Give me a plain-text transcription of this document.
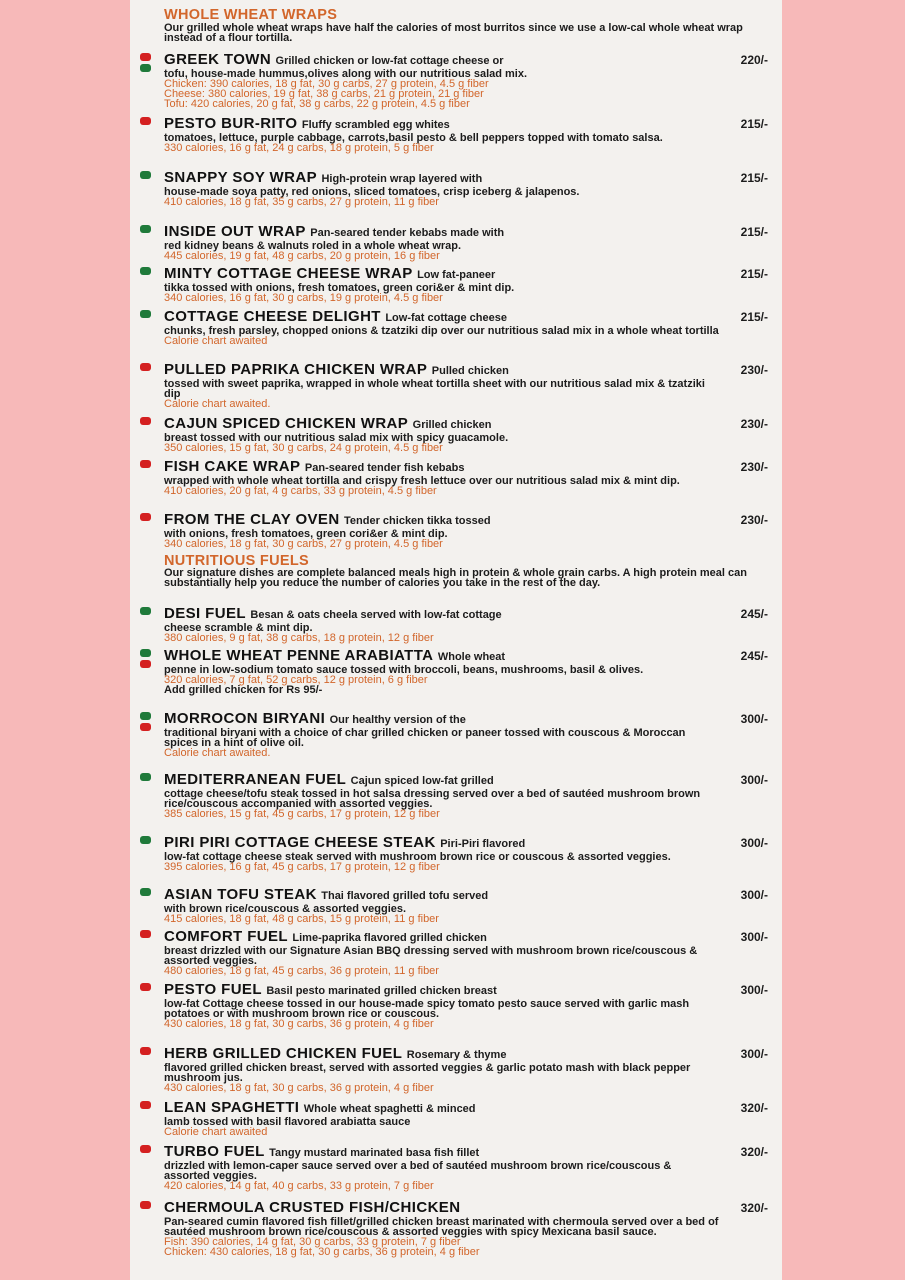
WHOLE WHEAT WRAPS
Our grilled whole wheat wraps have half the calories of most burritos since we use a low-cal whole wheat wrap instead of a flour tortilla.
GREEK TOWN Grilled chicken or low-fat cottage cheese or
tofu, house-made hummus,olives along with our nutritious salad mix.
Chicken: 390 calories, 18 g fat, 30 g carbs, 27 g protein, 4.5 g fiber
Cheese: 380 calories, 19 g fat, 38 g carbs, 21 g protein, 21 g fiber
Tofu: 420 calories, 20 g fat, 38 g carbs, 22 g protein, 4.5 g fiber
220/-
PESTO BUR-RITO Fluffy scrambled egg whites
tomatoes, lettuce, purple cabbage, carrots,basil pesto & bell peppers topped with tomato salsa.
330 calories, 16 g fat, 24 g carbs, 18 g protein, 5 g fiber
215/-
SNAPPY SOY WRAP High-protein wrap layered with
house-made soya patty, red onions, sliced tomatoes, crisp iceberg & jalapenos.
410 calories, 18 g fat, 35 g carbs, 27 g protein, 11 g fiber
215/-
INSIDE OUT WRAP Pan-seared tender kebabs made with
red kidney beans & walnuts roled in a whole wheat wrap.
445 calories, 19 g fat, 48 g carbs, 20 g protein, 16 g fiber
215/-
MINTY COTTAGE CHEESE WRAP Low fat-paneer
tikka tossed with onions, fresh tomatoes, green cori&er & mint dip.
340 calories, 16 g fat, 30 g carbs, 19 g protein, 4.5 g fiber
215/-
COTTAGE CHEESE DELIGHT Low-fat cottage cheese
chunks, fresh parsley, chopped onions & tzatziki dip over our nutritious salad mix in a whole wheat tortilla
Calorie chart awaited
215/-
PULLED PAPRIKA CHICKEN WRAP Pulled chicken
tossed with sweet paprika, wrapped in whole wheat tortilla sheet with our nutritious salad mix & tzatziki dip
Calorie chart awaited.
230/-
CAJUN SPICED CHICKEN WRAP Grilled chicken
breast tossed with our nutritious salad mix with spicy guacamole.
350 calories, 15 g fat, 30 g carbs, 24 g protein, 4.5 g fiber
230/-
FISH CAKE WRAP Pan-seared tender fish kebabs
wrapped with whole wheat tortilla and crispy fresh lettuce over our nutritious salad mix & mint dip.
410 calories, 20 g fat, 4 g carbs, 33 g protein, 4.5 g fiber
230/-
FROM THE CLAY OVEN Tender chicken tikka tossed
with onions, fresh tomatoes, green cori&er & mint dip.
340 calories, 18 g fat, 30 g carbs, 27 g protein, 4.5 g fiber
230/-
NUTRITIOUS FUELS
Our signature dishes are complete balanced meals high in protein & whole grain carbs. A high protein meal can substantially help you reduce the number of calories you take in the rest of the day.
DESI FUEL Besan & oats cheela served with low-fat cottage
cheese scramble & mint dip.
380 calories, 9 g fat, 38 g carbs, 18 g protein, 12 g fiber
245/-
WHOLE WHEAT PENNE ARABIATTA Whole wheat
penne in low-sodium tomato sauce tossed with broccoli, beans, mushrooms, basil & olives.
320 calories, 7 g fat, 52 g carbs, 12 g protein, 6 g fiber
Add grilled chicken for Rs 95/-
245/-
MORROCON BIRYANI Our healthy version of the
traditional biryani with a choice of char grilled chicken or paneer tossed with couscous & Moroccan spices in a hint of olive oil.
Calorie chart awaited.
300/-
MEDITERRANEAN FUEL Cajun spiced low-fat grilled
cottage cheese/tofu steak tossed in hot salsa dressing served over a bed of sautéed mushroom brown rice/couscous accompanied with assorted veggies.
385 calories, 15 g fat, 45 g carbs, 17 g protein, 12 g fiber
300/-
PIRI PIRI COTTAGE CHEESE STEAK Piri-Piri flavored
low-fat cottage cheese steak served with mushroom brown rice or couscous & assorted veggies.
395 calories, 16 g fat, 45 g carbs, 17 g protein, 12 g fiber
300/-
ASIAN TOFU STEAK Thai flavored grilled tofu served
with brown rice/couscous & assorted veggies.
415 calories, 18 g fat, 48 g carbs, 15 g protein, 11 g fiber
300/-
COMFORT FUEL Lime-paprika flavored grilled chicken
breast drizzled with our Signature Asian BBQ dressing served with mushroom brown rice/couscous & assorted veggies.
480 calories, 18 g fat, 45 g carbs, 36 g protein, 11 g fiber
300/-
PESTO FUEL Basil pesto marinated grilled chicken breast
low-fat Cottage cheese tossed in our house-made spicy tomato pesto sauce served with garlic mash potatoes or with mushroom brown rice or couscous.
430 calories, 18 g fat, 30 g carbs, 36 g protein, 4 g fiber
300/-
HERB GRILLED CHICKEN FUEL Rosemary & thyme
flavored grilled chicken breast, served with assorted veggies & garlic potato mash with black pepper mushroom jus.
430 calories, 18 g fat, 30 g carbs, 36 g protein, 4 g fiber
300/-
LEAN SPAGHETTI Whole wheat spaghetti & minced
lamb tossed with basil flavored arabiatta sauce
Calorie chart awaited
320/-
TURBO FUEL Tangy mustard marinated basa fish fillet
drizzled with lemon-caper sauce served over a bed of sautéed mushroom brown rice/couscous & assorted veggies.
420 calories, 14 g fat, 40 g carbs, 33 g protein, 7 g fiber
320/-
CHERMOULA CRUSTED FISH/CHICKEN
Pan-seared cumin flavored fish fillet/grilled chicken breast marinated with chermoula served over a bed of sautéed mushroom brown rice/couscous & assorted veggies with spicy Mexicana basil sauce.
Fish: 390 calories, 14 g fat, 30 g carbs, 33 g protein, 7 g fiber
Chicken: 430 calories, 18 g fat, 30 g carbs, 36 g protein, 4 g fiber
320/-
